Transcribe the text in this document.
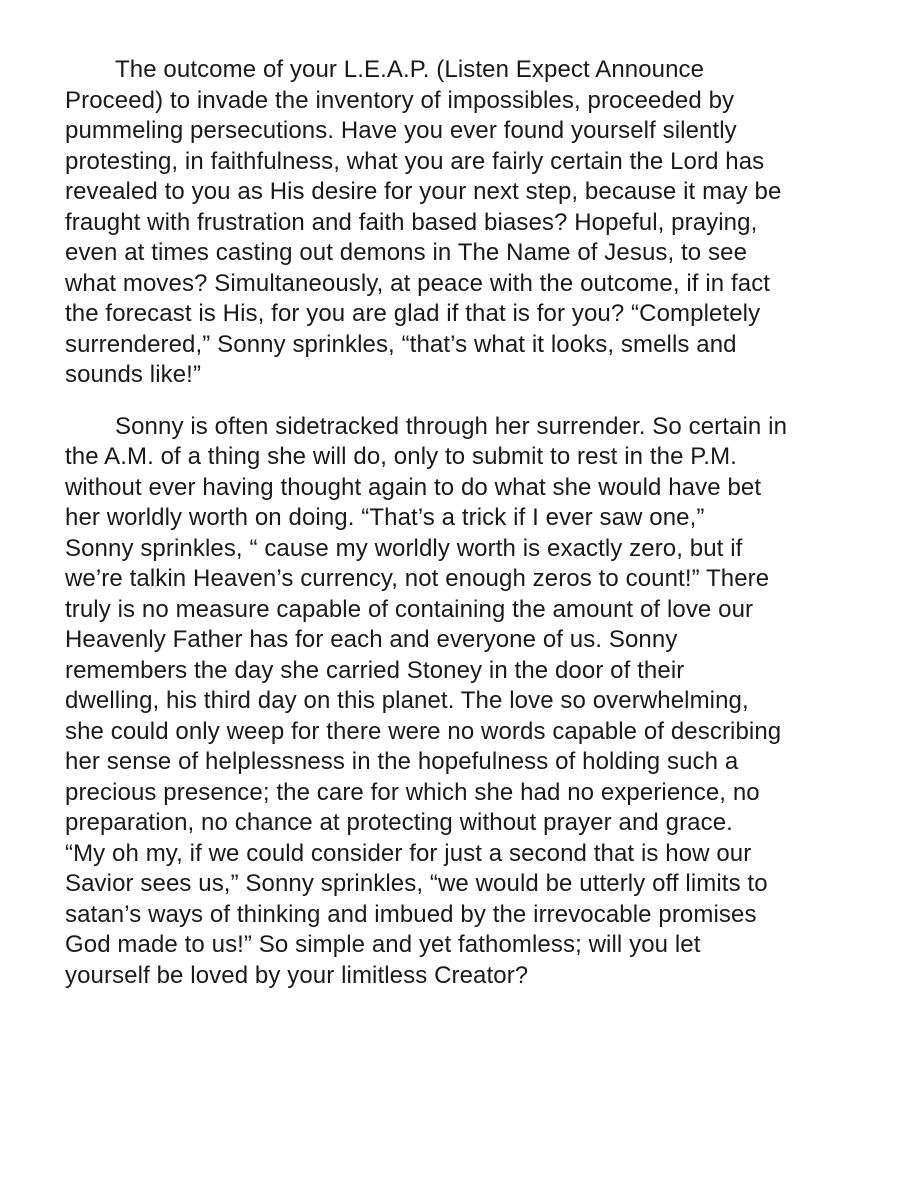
The outcome of your L.E.A.P. (Listen Expect Announce
Proceed) to invade the inventory of impossibles, proceeded by
pummeling persecutions. Have you ever found yourself silently
protesting, in faithfulness, what you are fairly certain the Lord has
revealed to you as His desire for your next step, because it may be
fraught with frustration and faith based biases? Hopeful, praying,
even at times casting out demons in The Name of Jesus, to see
what moves? Simultaneously, at peace with the outcome, if in fact
the forecast is His, for you are glad if that is for you? “Completely
surrendered,” Sonny sprinkles, “that’s what it looks, smells and
sounds like!”
Sonny is often sidetracked through her surrender. So certain in
the A.M. of a thing she will do, only to submit to rest in the P.M.
without ever having thought again to do what she would have bet
her worldly worth on doing. “That’s a trick if I ever saw one,”
Sonny sprinkles, “ cause my worldly worth is exactly zero, but if
we’re talkin Heaven’s currency, not enough zeros to count!” There
truly is no measure capable of containing the amount of love our
Heavenly Father has for each and everyone of us. Sonny
remembers the day she carried Stoney in the door of their
dwelling, his third day on this planet. The love so overwhelming,
she could only weep for there were no words capable of describing
her sense of helplessness in the hopefulness of holding such a
precious presence; the care for which she had no experience, no
preparation, no chance at protecting without prayer and grace.
“My oh my, if we could consider for just a second that is how our
Savior sees us,” Sonny sprinkles, “we would be utterly off limits to
satan’s ways of thinking and imbued by the irrevocable promises
God made to us!” So simple and yet fathomless; will you let
yourself be loved by your limitless Creator?
